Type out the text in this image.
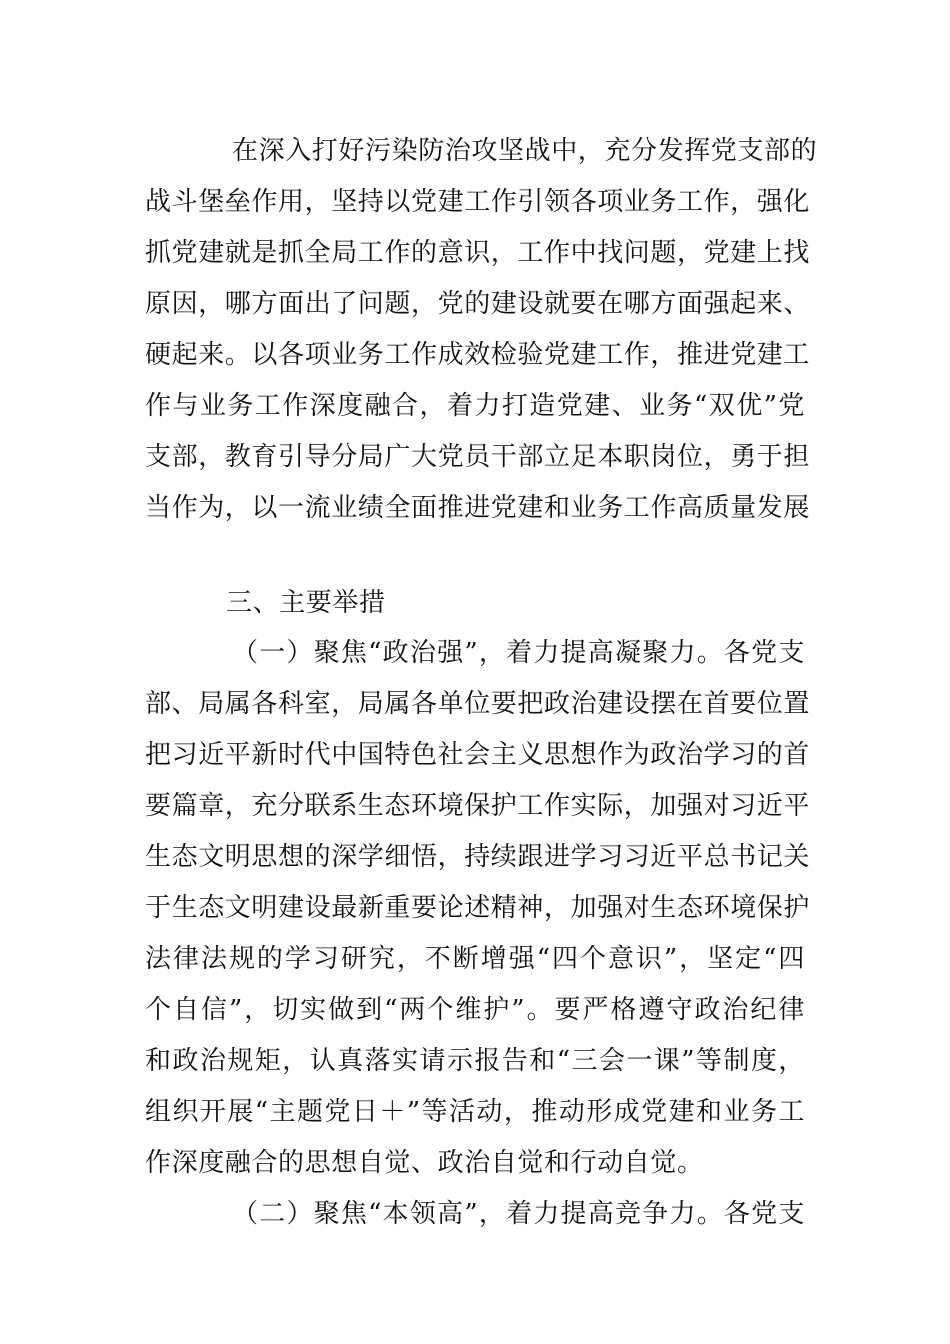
在深入打好污染防治攻坚战中，充分发挥党支部的
战斗堡垒作用，坚持以党建工作引领各项业务工作，强化
抓党建就是抓全局工作的意识，工作中找问题，党建上找
原因，哪方面出了问题，党的建设就要在哪方面强起来、
硬起来。以各项业务工作成效检验党建工作，推进党建工
作与业务工作深度融合，着力打造党建、业务“双优”党
支部，教育引导分局广大党员干部立足本职岗位，勇于担
当作为，以一流业绩全面推进党建和业务工作高质量发展
三、主要举措
（一）聚焦“政治强”，着力提高凝聚力。各党支
部、局属各科室，局属各单位要把政治建设摆在首要位置
把习近平新时代中国特色社会主义思想作为政治学习的首
要篇章，充分联系生态环境保护工作实际，加强对习近平
生态文明思想的深学细悟，持续跟进学习习近平总书记关
于生态文明建设最新重要论述精神，加强对生态环境保护
法律法规的学习研究，不断增强“四个意识”，坚定“四
个自信”，切实做到“两个维护”。要严格遵守政治纪律
和政治规矩，认真落实请示报告和“三会一课”等制度，
组织开展“主题党日＋”等活动，推动形成党建和业务工
作深度融合的思想自觉、政治自觉和行动自觉。
（二）聚焦“本领高”，着力提高竞争力。各党支
